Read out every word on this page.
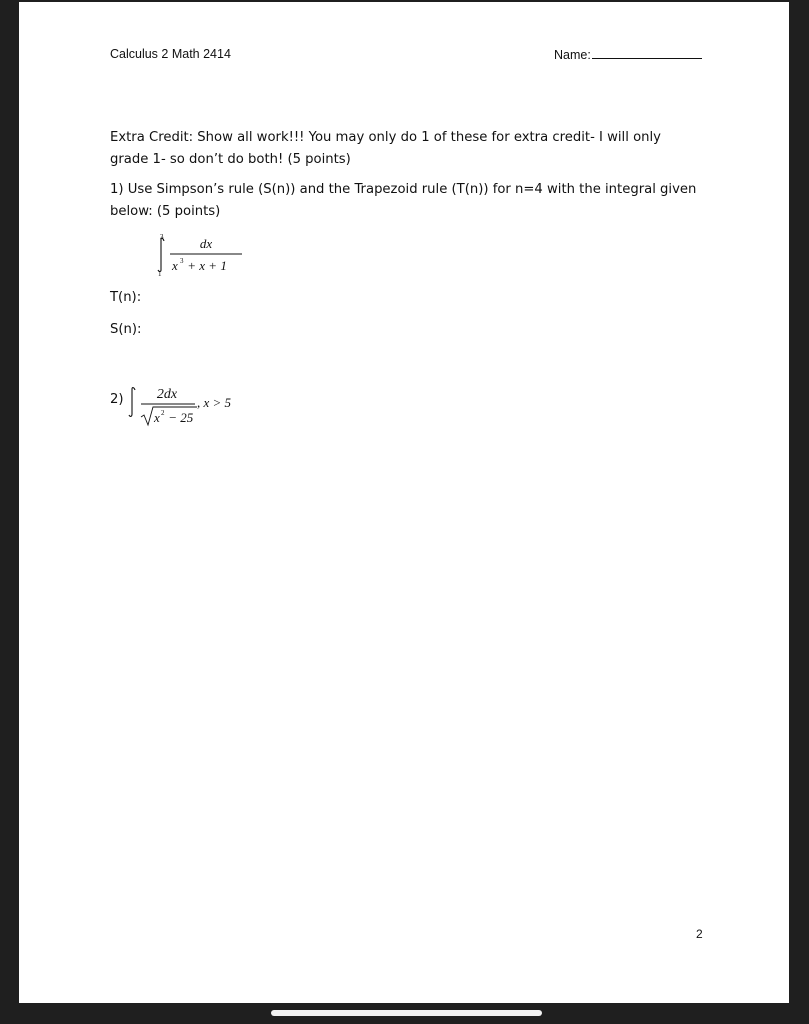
Calculus 2 Math 2414	Name:
Extra Credit: Show all work!!! You may only do 1 of these for extra credit- I will only grade 1- so don’t do both! (5 points)
1) Use Simpson’s rule (S(n)) and the Trapezoid rule (T(n)) for n=4 with the integral given below: (5 points)
3
1
dx
x 3 + x + 1
T(n):
S(n):
2) 2dx
x 2 − 25
, x > 5
2
